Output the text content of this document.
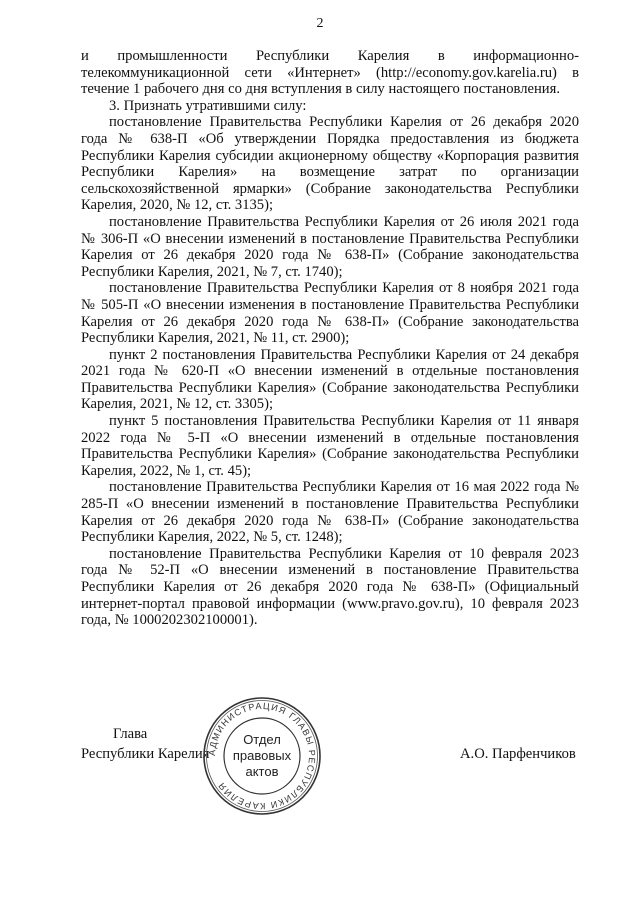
2

и промышленности Республики Карелия в информационно-телекоммуникационной сети «Интернет» (http://economy.gov.karelia.ru) в течение 1 рабочего дня со дня вступления в силу настоящего постановления.

3. Признать утратившими силу:

постановление Правительства Республики Карелия от 26 декабря 2020 года № 638-П «Об утверждении Порядка предоставления из бюджета Республики Карелия субсидии акционерному обществу «Корпорация развития Республики Карелия» на возмещение затрат по организации сельскохозяйственной ярмарки» (Собрание законодательства Республики Карелия, 2020, № 12, ст. 3135);

постановление Правительства Республики Карелия от 26 июля 2021 года № 306-П «О внесении изменений в постановление Правительства Республики Карелия от 26 декабря 2020 года № 638-П» (Собрание законодательства Республики Карелия, 2021, № 7, ст. 1740);

постановление Правительства Республики Карелия от 8 ноября 2021 года № 505-П «О внесении изменения в постановление Правительства Республики Карелия от 26 декабря 2020 года № 638-П» (Собрание законодательства Республики Карелия, 2021, № 11, ст. 2900);

пункт 2 постановления Правительства Республики Карелия от 24 декабря 2021 года № 620-П «О внесении изменений в отдельные постановления Правительства Республики Карелия» (Собрание законодательства Республики Карелия, 2021, № 12, ст. 3305);

пункт 5 постановления Правительства Республики Карелия от 11 января 2022 года № 5-П «О внесении изменений в отдельные постановления Правительства Республики Карелия» (Собрание законодательства Республики Карелия, 2022, № 1, ст. 45);

постановление Правительства Республики Карелия от 16 мая 2022 года № 285-П «О внесении изменений в постановление Правительства Республики Карелия от 26 декабря 2020 года № 638-П» (Собрание законодательства Республики Карелия, 2022, № 5, ст. 1248);

постановление Правительства Республики Карелия от 10 февраля 2023 года № 52-П «О внесении изменений в постановление Правительства Республики Карелия от 26 декабря 2020 года № 638-П» (Официальный интернет-портал правовой информации (www.pravo.gov.ru), 10 февраля 2023 года, № 1000202302100001).

Глава
Республики Карелия
АДМИНИСТРАЦИЯ ГЛАВЫ РЕСПУБЛИКИ КАРЕЛИЯ
Отдел
правовых
актов
А.О. Парфенчиков
